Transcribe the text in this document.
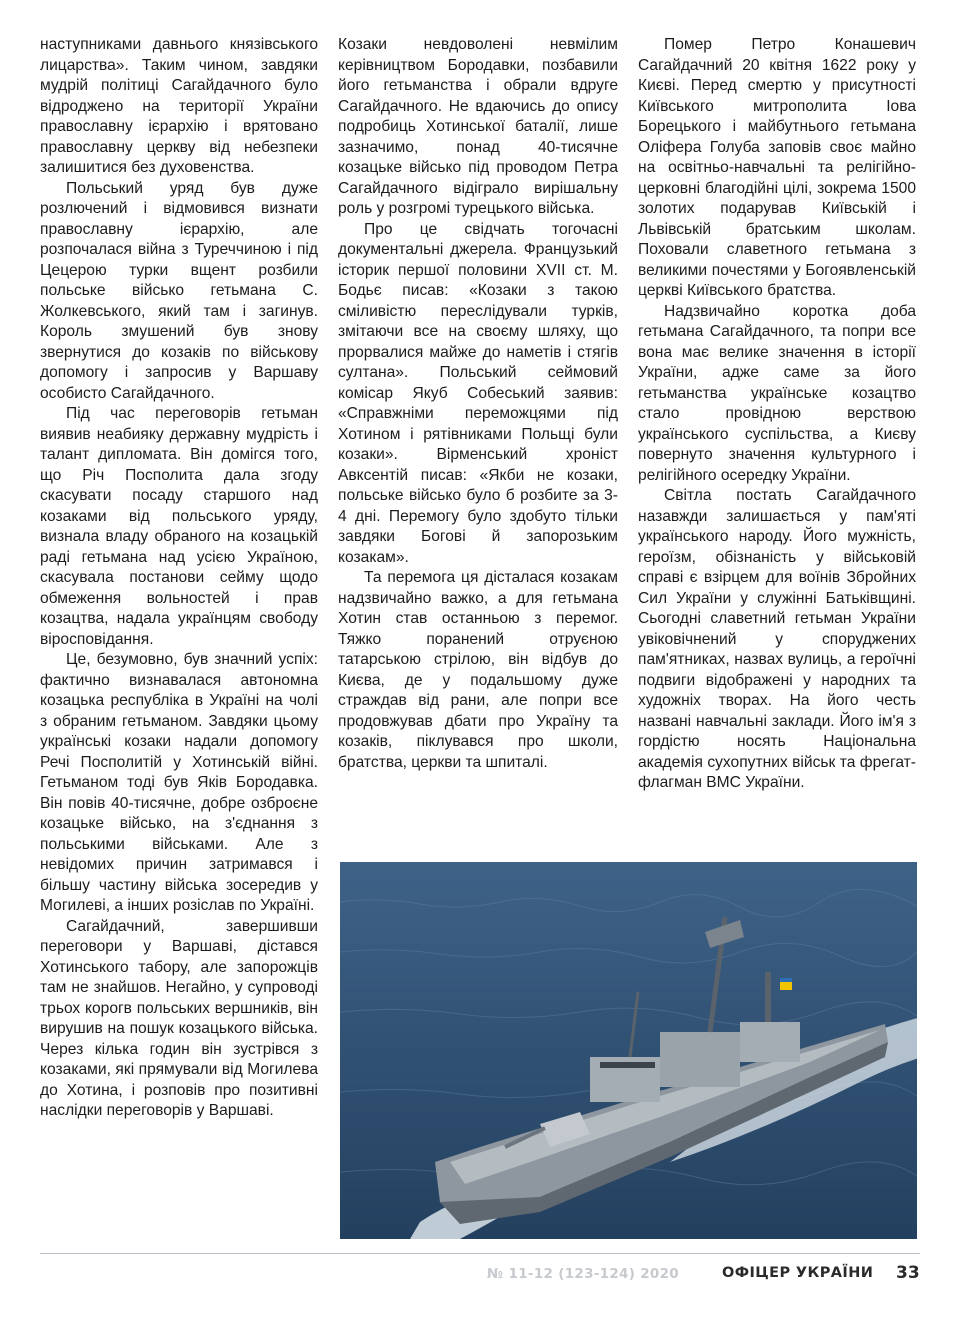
наступниками давнього князівського лицарства». Таким чином, завдяки мудрій політиці Сагайдачного було відроджено на території України православну ієрархію і врятовано православну церкву від небезпеки залишитися без духовенства.

Польський уряд був дуже розлючений і відмовився визнати православну ієрархію, але розпочалася війна з Туреччиною і під Цецерою турки вщент розбили польське військо гетьмана С. Жолкевського, який там і загинув. Король змушений був знову звернутися до козаків по військову допомогу і запросив у Варшаву особисто Сагайдачного.

Під час переговорів гетьман виявив неабияку державну мудрість і талант дипломата. Він домігся того, що Річ Посполита дала згоду скасувати посаду старшого над козаками від польського уряду, визнала владу обраного на козацькій раді гетьмана над усією Україною, скасувала постанови сейму щодо обмеження вольностей і прав козацтва, надала українцям свободу віросповідання.

Це, безумовно, був значний успіх: фактично визнавалася автономна козацька республіка в Україні на чолі з обраним гетьманом. Завдяки цьому українські козаки надали допомогу Речі Посполитій у Хотинській війні. Гетьманом тоді був Яків Бородавка. Він повів 40-тисячне, добре озброєне козацьке військо, на з'єднання з польськими військами. Але з невідомих причин затримався і більшу частину війська зосередив у Могилеві, а інших розіслав по Україні.

Сагайдачний, завершивши переговори у Варшаві, дістався Хотинського табору, але запорожців там не знайшов. Негайно, у супроводі трьох корогв польських вершників, він вирушив на пошук козацького війська. Через кілька годин він зустрівся з козаками, які прямували від Могилева до Хотина, і розповів про позитивні наслідки переговорів у Варшаві.

Козаки невдоволені невмілим керівництвом Бородавки, позбавили його гетьманства і обрали вдруге Сагайдачного. Не вдаючись до опису подробиць Хотинської баталії, лише зазначимо, понад 40-тисячне козацьке військо під проводом Петра Сагайдачного відіграло вирішальну роль у розгромі турецького війська.

Про це свідчать тогочасні документальні джерела. Французький історик першої половини XVII ст. М. Бодьє писав: «Козаки з такою сміливістю переслідували турків, змітаючи все на своєму шляху, що прорвалися майже до наметів і стягів султана». Польський сеймовий комісар Якуб Собеський заявив: «Справжніми переможцями під Хотином і рятівниками Польщі були козаки». Вірменський хроніст Авксентій писав: «Якби не козаки, польське військо було б розбите за 3-4 дні. Перемогу було здобуто тільки завдяки Богові й запорозьким козакам».

Та перемога ця дісталася козакам надзвичайно важко, а для гетьмана Хотин став останньою з перемог. Тяжко поранений отруєною татарською стрілою, він відбув до Києва, де у подальшому дуже страждав від рани, але попри все продовжував дбати про Україну та козаків, піклувався про школи, братства, церкви та шпиталі.

Помер Петро Конашевич Сагайдачний 20 квітня 1622 року у Києві. Перед смертю у присутності Київського митрополита Іова Борецького і майбутнього гетьмана Оліфера Голуба заповів своє майно на освітньо-навчальні та релігійно-церковні благодійні цілі, зокрема 1500 золотих подарував Київській і Львівській братським школам. Поховали славетного гетьмана з великими почестями у Богоявленській церкві Київського братства.

Надзвичайно коротка доба гетьмана Сагайдачного, та попри все вона має велике значення в історії України, адже саме за його гетьманства українське козацтво стало провідною верствою українського суспільства, а Києву повернуто значення культурного і релігійного осередку України.

Світла постать Сагайдачного назавжди залишається у пам'яті українського народу. Його мужність, героїзм, обізнаність у військовій справі є взірцем для воїнів Збройних Сил України у служінні Батьківщині. Сьогодні славетний гетьман України увіковічнений у споруджених пам'ятниках, назвах вулиць, а героїчні подвиги відображені у народних та художніх творах. На його честь названі навчальні заклади. Його ім'я з гордістю носять Національна академія сухопутних військ та фрегат-флагман ВМС України.

№ 11-12 (123-124) 2020	ОФІЦЕР УКРАЇНИ 33
